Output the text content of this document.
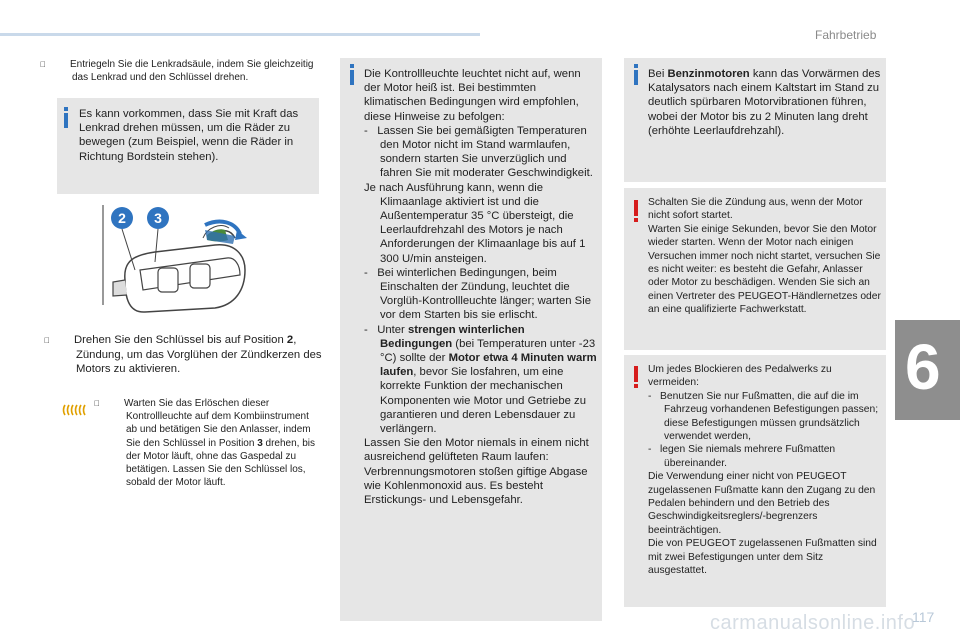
Fahrbetrieb
6
Entriegeln Sie die Lenkradsäule, indem Sie gleichzeitig das Lenkrad und den Schlüssel drehen.
Es kann vorkommen, dass Sie mit Kraft das Lenkrad drehen müssen, um die Räder zu bewegen (zum Beispiel, wenn die Räder in Richtung Bordstein stehen).
2 3
Drehen Sie den Schlüssel bis auf Position 2, Zündung, um das Vorglühen der Zündkerzen des Motors zu aktivieren.
Warten Sie das Erlöschen dieser Kontrollleuchte auf dem Kombiinstrument ab und betätigen Sie den Anlasser, indem Sie den Schlüssel in Position 3 drehen, bis der Motor läuft, ohne das Gaspedal zu betätigen. Lassen Sie den Schlüssel los, sobald der Motor läuft.
Die Kontrollleuchte leuchtet nicht auf, wenn der Motor heiß ist. Bei bestimmten klimatischen Bedingungen wird empfohlen, diese Hinweise zu befolgen:
-   Lassen Sie bei gemäßigten Temperaturen den Motor nicht im Stand warmlaufen, sondern starten Sie unverzüglich und fahren Sie mit moderater Geschwindigkeit.
Je nach Ausführung kann, wenn die Klimaanlage aktiviert ist und die Außentemperatur 35 °C übersteigt, die Leerlaufdrehzahl des Motors je nach Anforderungen der Klimaanlage bis auf 1 300 U/min ansteigen.
-   Bei winterlichen Bedingungen, beim Einschalten der Zündung, leuchtet die Vorglüh-Kontrollleuchte länger; warten Sie vor dem Starten bis sie erlischt.
-   Unter strengen winterlichen Bedingungen (bei Temperaturen unter -23 °C) sollte der Motor etwa 4 Minuten warm laufen, bevor Sie losfahren, um eine korrekte Funktion der mechanischen Komponenten wie Motor und Getriebe zu garantieren und deren Lebensdauer zu verlängern.
Lassen Sie den Motor niemals in einem nicht ausreichend gelüfteten Raum laufen: Verbrennungsmotoren stoßen giftige Abgase wie Kohlenmonoxid aus. Es besteht Erstickungs- und Lebensgefahr.
Bei Benzinmotoren kann das Vorwärmen des Katalysators nach einem Kaltstart im Stand zu deutlich spürbaren Motorvibrationen führen, wobei der Motor bis zu 2 Minuten lang dreht (erhöhte Leerlaufdrehzahl).
Schalten Sie die Zündung aus, wenn der Motor nicht sofort startet.
Warten Sie einige Sekunden, bevor Sie den Motor wieder starten. Wenn der Motor nach einigen Versuchen immer noch nicht startet, versuchen Sie es nicht weiter: es besteht die Gefahr, Anlasser oder Motor zu beschädigen. Wenden Sie sich an einen Vertreter des PEUGEOT-Händlernetzes oder an eine qualifizierte Fachwerkstatt.
Um jedes Blockieren des Pedalwerks zu vermeiden:
-   Benutzen Sie nur Fußmatten, die auf die im Fahrzeug vorhandenen Befestigungen passen; diese Befestigungen müssen grundsätzlich verwendet werden,
-   legen Sie niemals mehrere Fußmatten übereinander.
Die Verwendung einer nicht von PEUGEOT zugelassenen Fußmatte kann den Zugang zu den Pedalen behindern und den Betrieb des Geschwindigkeitsreglers/-begrenzers beeinträchtigen.
Die von PEUGEOT zugelassenen Fußmatten sind mit zwei Befestigungen unter dem Sitz ausgestattet.
carmanualsonline.info
117
